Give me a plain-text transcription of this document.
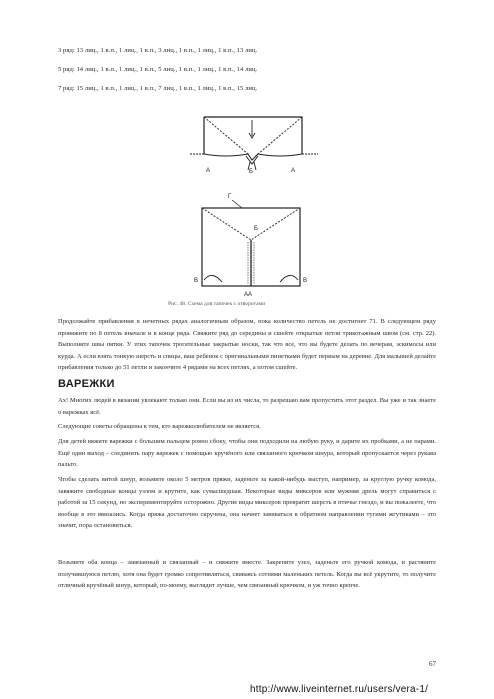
3 ряд: 13 лиц., 1 в.п., 1 лиц., 1 в.п., 3 лиц., 1 в.п., 1 лиц., 1 в.п., 13 лиц.
5 ряд: 14 лиц., 1 в.п., 1 лиц., 1 в.п., 5 лиц., 1 в.п., 1 лиц., 1 в.п., 14 лиц.
7 ряд: 15 лиц., 1 в.п., 1 лиц., 1 в.п., 7 лиц., 1 в.п., 1 лиц., 1 в.п., 15 лиц.
А	Б	А
Г
Б
В	В
АА
Рис. 48. Схема для тапочек с отворотами

Продолжайте прибавления в нечетных рядах аналогичным образом, пока количество петель не достигнет 71. В следующем ряду провяжите по 8 петель вначале и в конце ряда. Свяжите ряд до середины и сшейте открытые петли трикотажным швом (см. стр. 22). Выполните швы пятки. У этих тапочек трогательные закрытые носки, так что все, что вы будете делать по вечерам, эскимосы или курда. А если взять тонкую шерсть и спицы, ваш ребенок с оригинальными пинетками будет первым на деревне. Для малышей делайте прибавления только до 51 петли и закончите 4 рядами на всех петлях, а потом сшейте.

ВАРЕЖКИ

Ах! Многих людей в вязании увлекают только они. Если вы из их числа, то разрешаю вам пропустить этот раздел. Вы уже и так знаете о варежках всё.

Следующие советы обращены к тем, кто варежколюбителем не является.

Для детей вяжите варежки с большим пальцем ровно сбоку, чтобы они подходили на любую руку, и дарите их пробками, а не парами. Ещё один выход – соединить пару варежек с помощью кручёного или связанного крючком шнура, который пропускается через рукава пальто.

Чтобы сделать витой шнур, возьмите около 5 метров пряжи, заденьте за какой-нибудь выступ, например, за круглую ручку комода, завяжите свободные концы узлом и крутите, как сумасшедшая. Некоторые виды миксеров или мужняя дрель могут справиться с работой за 15 секунд, но экспериментируйте осторожно. Другие виды миксеров превратят шерсть в птичье гнездо, и вы пожалеете, что вообще в это ввязались. Когда пряжа достаточно скручена, она начнет завиваться в обратном направлении тугими жгутиками – это значит, пора остановиться.

Возьмите оба конца – завязанный и связанный – и свяжите вместе. Закрепите узел, заденьте его ручкой комода, и растяните получившуюся петлю, хотя она будет громко сопротивляться, свиваясь сотнями маленьких петель. Когда вы всё укрутите, то получите отличный кручёный шнур, который, по-моему, выглядит лучше, чем связанный крючком, и уж точно крепче.

67
http://www.liveinternet.ru/users/vera-1/
